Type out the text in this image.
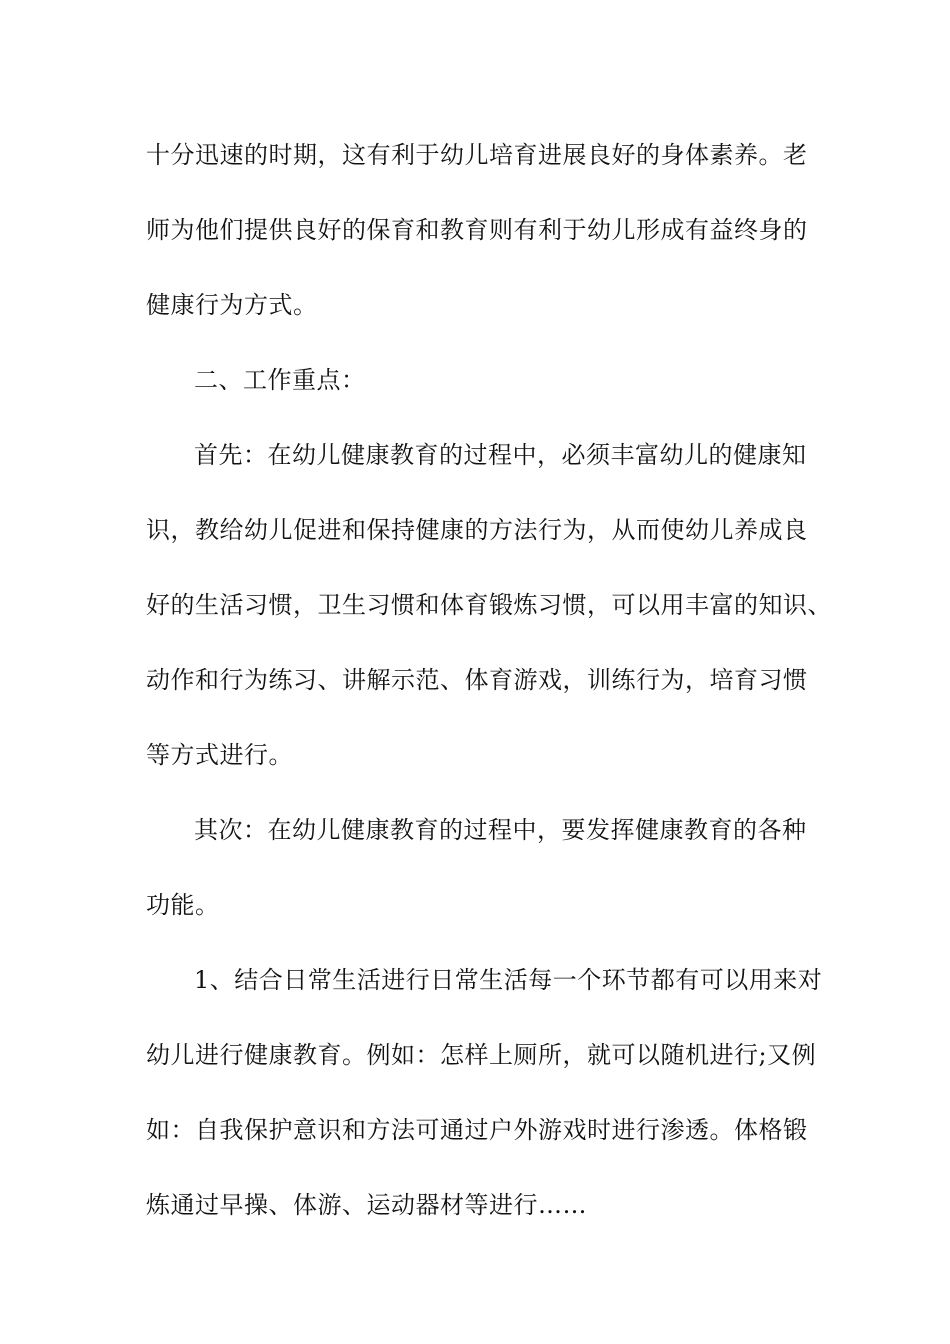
十分迅速的时期，这有利于幼儿培育进展良好的身体素养。老
师为他们提供良好的保育和教育则有利于幼儿形成有益终身的
健康行为方式。
二、工作重点：
首先：在幼儿健康教育的过程中，必须丰富幼儿的健康知
识，教给幼儿促进和保持健康的方法行为，从而使幼儿养成良
好的生活习惯，卫生习惯和体育锻炼习惯，可以用丰富的知识、
动作和行为练习、讲解示范、体育游戏，训练行为，培育习惯
等方式进行。
其次：在幼儿健康教育的过程中，要发挥健康教育的各种
功能。
1、结合日常生活进行日常生活每一个环节都有可以用来对
幼儿进行健康教育。例如：怎样上厕所，就可以随机进行;又例
如：自我保护意识和方法可通过户外游戏时进行渗透。体格锻
炼通过早操、体游、运动器材等进行……
